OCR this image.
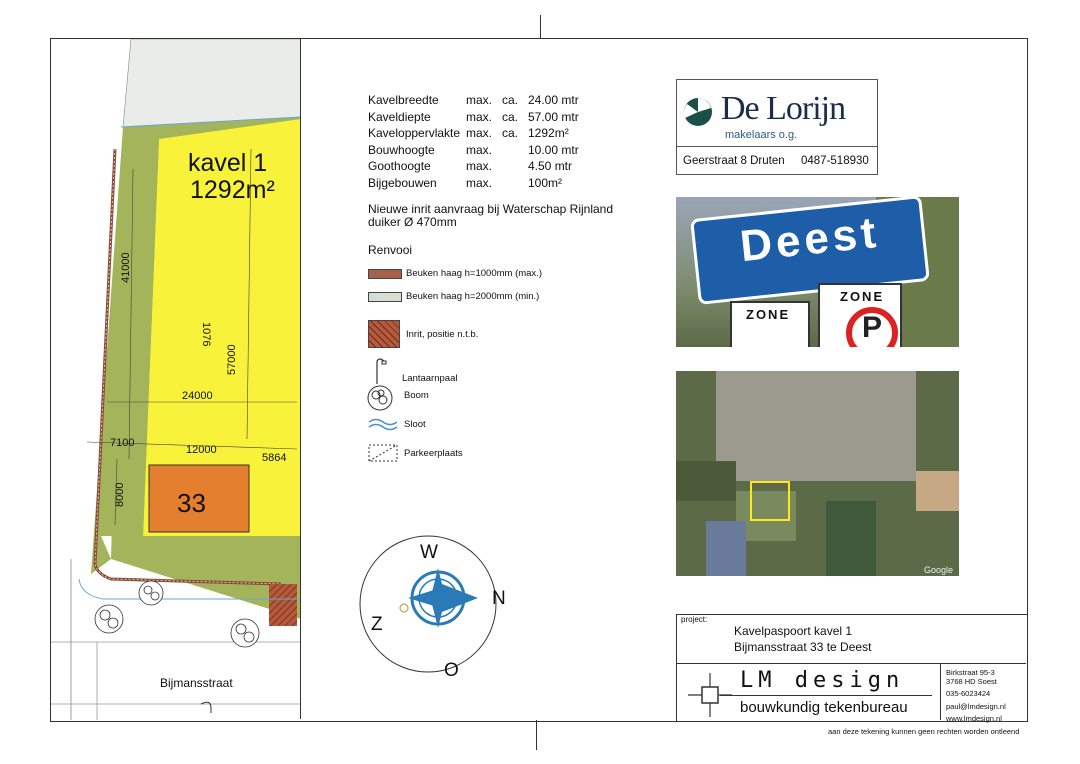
kavel 1
1292m²
33
Bijmansstraat
41000
1076
57000
24000
7100
12000
5864
8000
Kavelbreedte	max.	ca.	24.00 mtr
Kaveldiepte	max.	ca.	57.00 mtr
Kaveloppervlakte	max.	ca.	1292m²
Bouwhoogte	max.		10.00 mtr
Goothoogte	max.		4.50 mtr
Bijgebouwen	max.		100m²
Nieuwe inrit aanvraag bij Waterschap Rijnland
duiker Ø 470mm
Renvooi
Beuken haag h=1000mm (max.)
Beuken haag h=2000mm (min.)
Inrit, positie n.t.b.
Lantaarnpaal
Boom
Sloot
Parkeerplaats
W
N
Z
O
De Lorijn
makelaars o.g.
Geerstraat 8 Druten 0487-518930
Deest
ZONE
ZONE
P
Google
project:
Kavelpaspoort kavel 1
Bijmansstraat 33 te Deest
LM design
bouwkundig tekenbureau
Birkstraat 95-3
3768 HD Soest
035-6023424
paul@lmdesign.nl
www.lmdesign.nl
aan deze tekening kunnen geen rechten worden ontleend
